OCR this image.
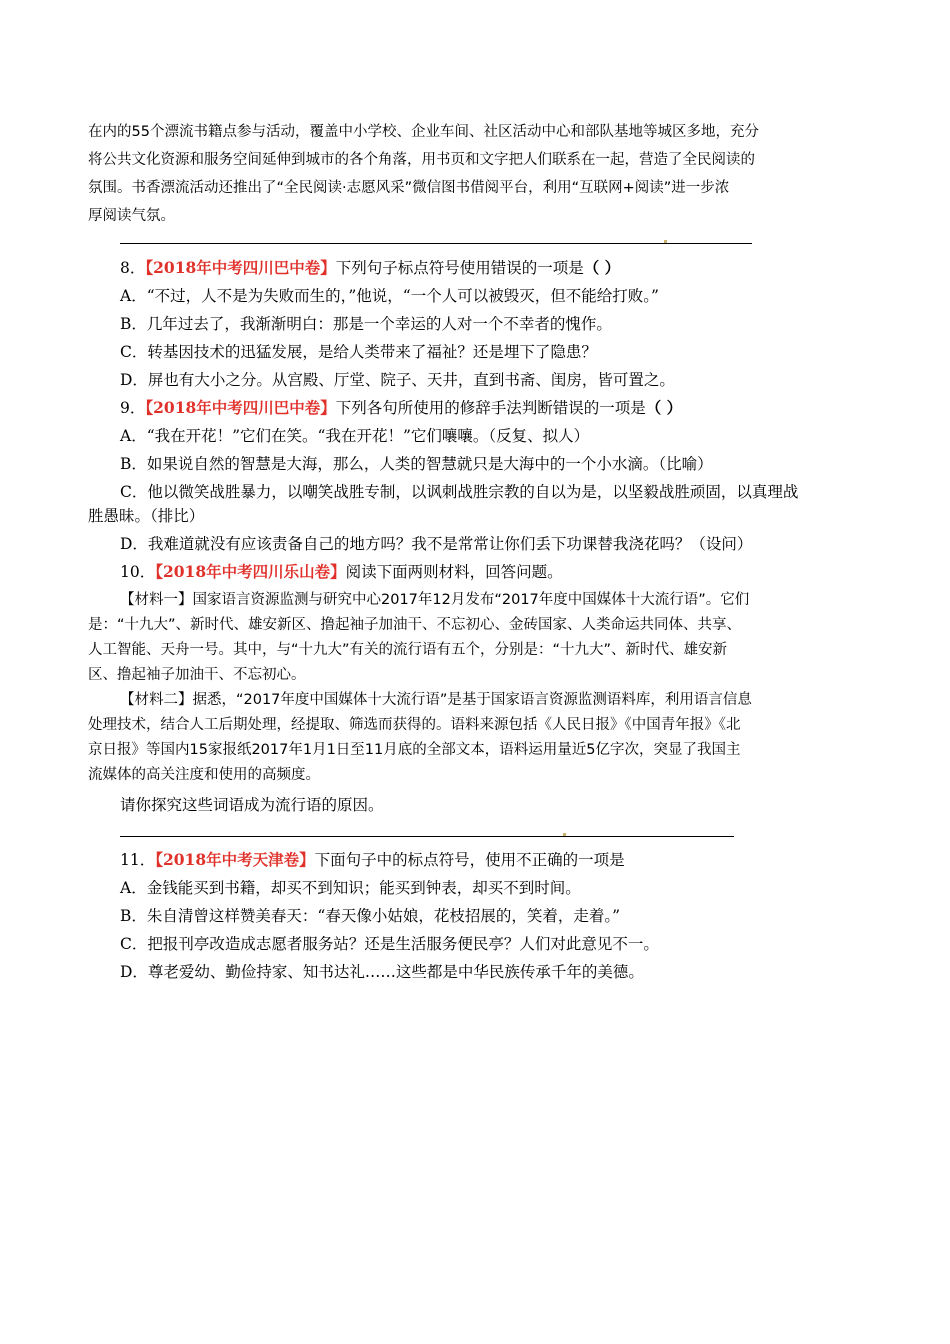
在内的55个漂流书籍点参与活动，覆盖中小学校、企业车间、社区活动中心和部队基地等城区多地，充分
将公共文化资源和服务空间延伸到城市的各个角落，用书页和文字把人们联系在一起，营造了全民阅读的
氛围。书香漂流活动还推出了“全民阅读·志愿风采”微信图书借阅平台，利用“互联网+阅读”进一步浓
厚阅读气氛。
8．【2018年中考四川巴中卷】下列句子标点符号使用错误的一项是（ ）
A．“不过，人不是为失败而生的，”他说，“一个人可以被毁灭，但不能给打败。”
B．几年过去了，我渐渐明白：那是一个幸运的人对一个不幸者的愧作。
C．转基因技术的迅猛发展，是给人类带来了福祉？还是埋下了隐患？
D．屏也有大小之分。从宫殿、厅堂、院子、天井，直到书斋、闺房，皆可置之。
9．【2018年中考四川巴中卷】下列各句所使用的修辞手法判断错误的一项是（ ）
A．“我在开花！”它们在笑。“我在开花！”它们嚷嚷。（反复、拟人）
B．如果说自然的智慧是大海，那么，人类的智慧就只是大海中的一个小水滴。（比喻）
C．他以微笑战胜暴力，以嘲笑战胜专制，以讽刺战胜宗教的自以为是，以坚毅战胜顽固，以真理战
胜愚昧。（排比）
D．我难道就没有应该责备自己的地方吗？我不是常常让你们丢下功课替我浇花吗？（设问）
10．【2018年中考四川乐山卷】阅读下面两则材料，回答问题。
【材料一】国家语言资源监测与研究中心2017年12月发布“2017年度中国媒体十大流行语”。它们
是：“十九大”、新时代、雄安新区、撸起袖子加油干、不忘初心、金砖国家、人类命运共同体、共享、
人工智能、天舟一号。其中，与“十九大”有关的流行语有五个，分别是：“十九大”、新时代、雄安新
区、撸起袖子加油干、不忘初心。
【材料二】据悉，“2017年度中国媒体十大流行语”是基于国家语言资源监测语料库，利用语言信息
处理技术，结合人工后期处理，经提取、筛选而获得的。语料来源包括《人民日报》《中国青年报》《北
京日报》等国内15家报纸2017年1月1日至11月底的全部文本，语料运用量近5亿字次，突显了我国主
流媒体的高关注度和使用的高频度。
请你探究这些词语成为流行语的原因。
11．【2018年中考天津卷】下面句子中的标点符号，使用不正确的一项是
A．金钱能买到书籍，却买不到知识；能买到钟表，却买不到时间。
B．朱自清曾这样赞美春天：“春天像小姑娘，花枝招展的，笑着，走着。”
C．把报刊亭改造成志愿者服务站？还是生活服务便民亭？人们对此意见不一。
D．尊老爱幼、勤俭持家、知书达礼……这些都是中华民族传承千年的美德。
